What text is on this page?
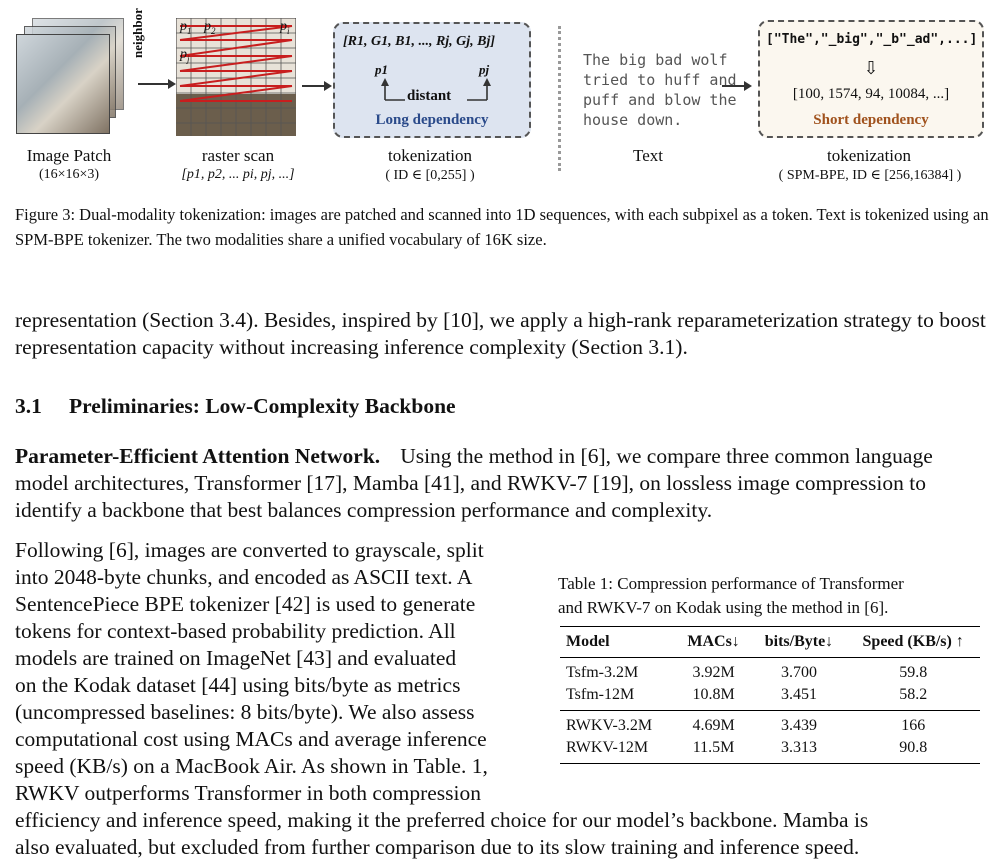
neighbor	$p_1$ $p_2$	$p_i$
$p_j$
[R1, G1, B1, ..., Rj, Gj, Bj]
p1	pj
distant
Long dependency
The big bad wolf
tried to huff and
puff and blow the
house down.
["The","_big","_b"_ad",...]
⇩
[100, 1574, 94, 10084, ...]
Short dependency
Image Patch
(16×16×3)
raster scan
[p1, p2, ... pi, pj, ...]
tokenization
( ID ∈ [0,255] )
Text	tokenization
( SPM-BPE, ID ∈ [256,16384] )
Figure 3: Dual-modality tokenization: images are patched and scanned into 1D sequences, with each subpixel as a token. Text is tokenized using an SPM-BPE tokenizer. The two modalities share a unified vocabulary of 16K size.
representation (Section 3.4). Besides, inspired by [10], we apply a high-rank reparameterization strategy to boost representation capacity without increasing inference complexity (Section 3.1).
3.1 Preliminaries: Low-Complexity Backbone
Parameter-Efficient Attention Network. Using the method in [6], we compare three common language model architectures, Transformer [17], Mamba [41], and RWKV-7 [19], on lossless image compression to identify a backbone that best balances compression performance and complexity.
Following [6], images are converted to grayscale, split
into 2048-byte chunks, and encoded as ASCII text. A
SentencePiece BPE tokenizer [42] is used to generate
tokens for context-based probability prediction. All
models are trained on ImageNet [43] and evaluated
on the Kodak dataset [44] using bits/byte as metrics
(uncompressed baselines: 8 bits/byte). We also assess
computational cost using MACs and average inference
speed (KB/s) on a MacBook Air. As shown in Table. 1,
RWKV outperforms Transformer in both compression
efficiency and inference speed, making it the preferred choice for our model’s backbone. Mamba is
also evaluated, but excluded from further comparison due to its slow training and inference speed.
Table 1: Compression performance of Transformer
and RWKV-7 on Kodak using the method in [6].
Model	MACs↓	bits/Byte↓	Speed (KB/s) ↑

Tsfm-3.2M	3.92M	3.700	59.8
Tsfm-12M	10.8M	3.451	58.2

RWKV-3.2M	4.69M	3.439	166
RWKV-12M	11.5M	3.313	90.8
